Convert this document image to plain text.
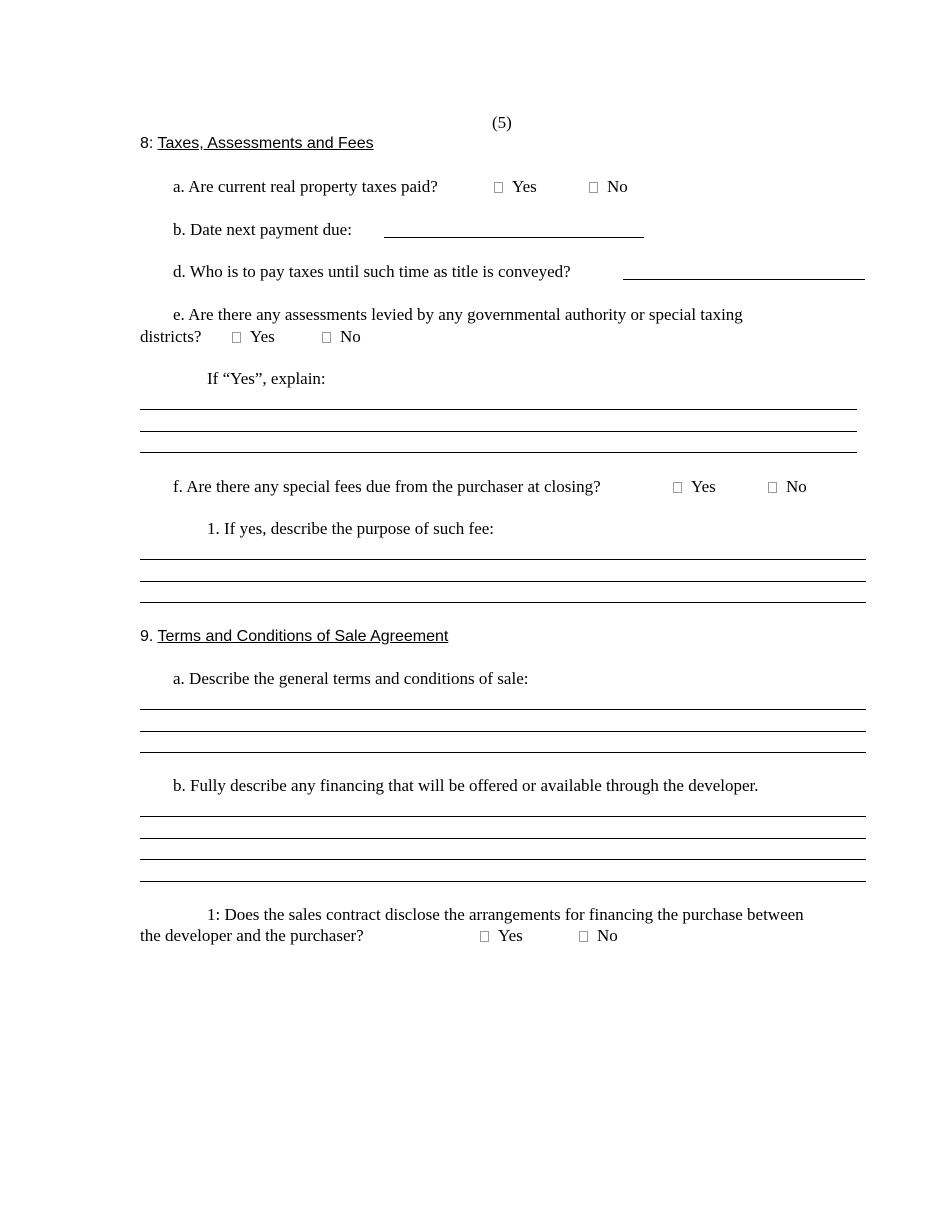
(5)
8: Taxes, Assessments and Fees
a. Are current real property taxes paid?	Yes	No
b. Date next payment due:
d. Who is to pay taxes until such time as title is conveyed?
e. Are there any assessments levied by any governmental authority or special taxing
districts?	Yes	No
If “Yes”, explain:
f. Are there any special fees due from the purchaser at closing?	Yes	No
1. If yes, describe the purpose of such fee:
9. Terms and Conditions of Sale Agreement
a. Describe the general terms and conditions of sale:
b. Fully describe any financing that will be offered or available through the developer.
1: Does the sales contract disclose the arrangements for financing the purchase between
the developer and the purchaser?	Yes	No
